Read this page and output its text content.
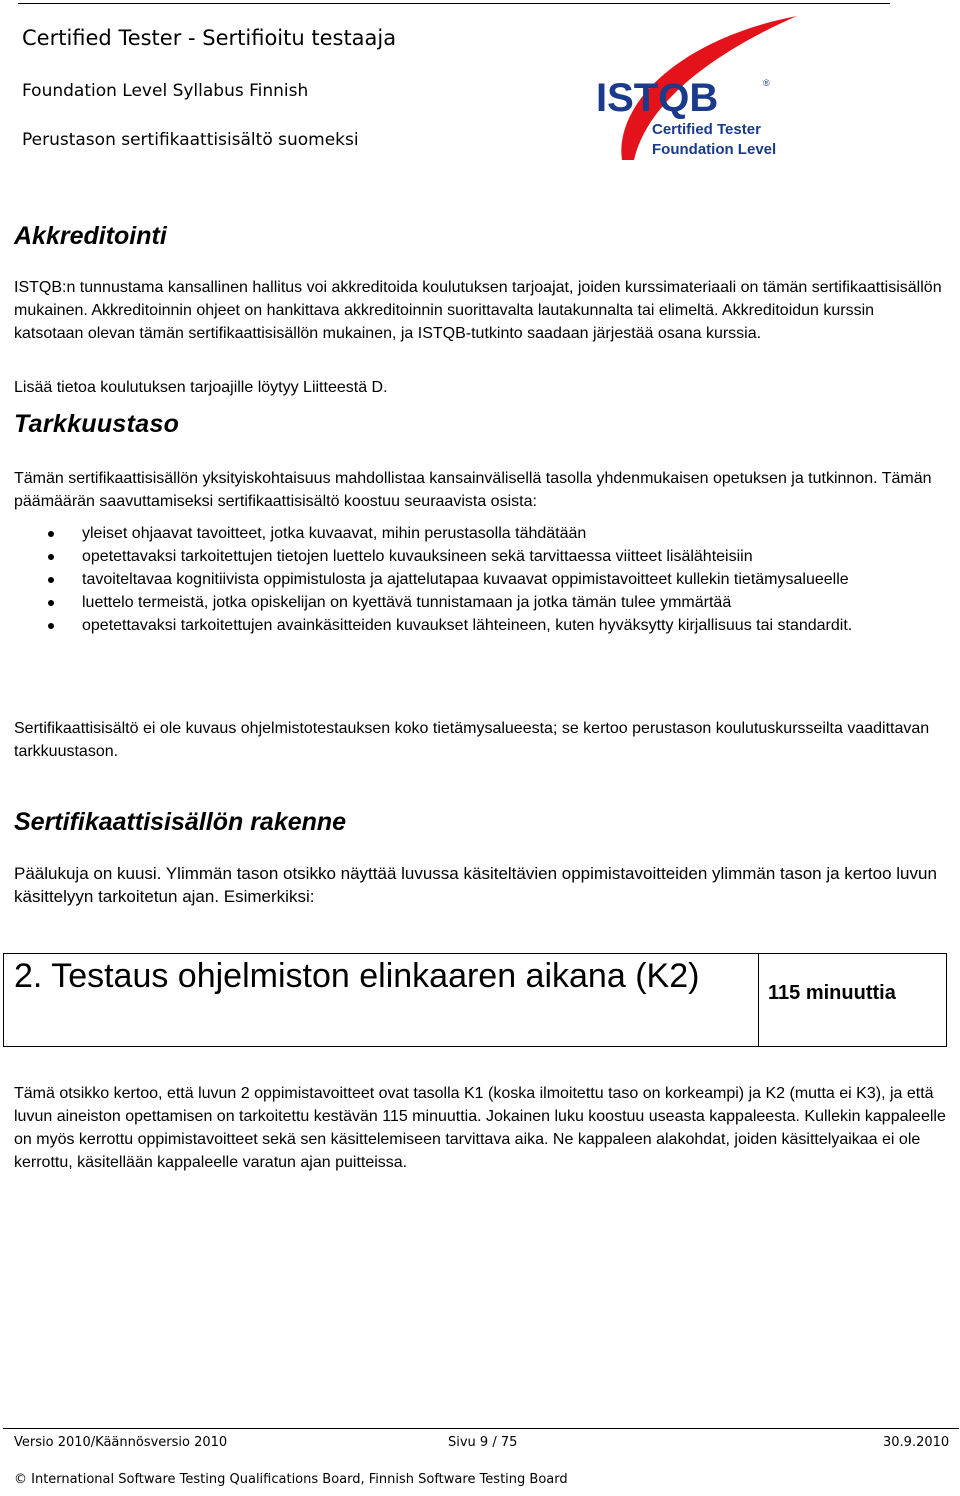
Certified Tester - Sertifioitu testaaja
Foundation Level Syllabus Finnish
Perustason sertifikaattisisältö suomeksi
ISTQB	®
Certified Tester
Foundation Level
Akkreditointi

ISTQB:n tunnustama kansallinen hallitus voi akkreditoida koulutuksen tarjoajat, joiden kurssimateriaali on tämän sertifikaattisisällön mukainen. Akkreditoinnin ohjeet on hankittava akkreditoinnin suorittavalta lautakunnalta tai elimeltä. Akkreditoidun kurssin katsotaan olevan tämän sertifikaattisisällön mukainen, ja ISTQB-tutkinto saadaan järjestää osana kurssia.

Lisää tietoa koulutuksen tarjoajille löytyy Liitteestä D.

Tarkkuustaso

Tämän sertifikaattisisällön yksityiskohtaisuus mahdollistaa kansainvälisellä tasolla yhdenmukaisen opetuksen ja tutkinnon. Tämän päämäärän saavuttamiseksi sertifikaattisisältö koostuu seuraavista osista:

yleiset ohjaavat tavoitteet, jotka kuvaavat, mihin perustasolla tähdätään
opetettavaksi tarkoitettujen tietojen luettelo kuvauksineen sekä tarvittaessa viitteet lisälähteisiin
tavoiteltavaa kognitiivista oppimistulosta ja ajattelutapaa kuvaavat oppimistavoitteet kullekin tietämysalueelle
luettelo termeistä, jotka opiskelijan on kyettävä tunnistamaan ja jotka tämän tulee ymmärtää
opetettavaksi tarkoitettujen avainkäsitteiden kuvaukset lähteineen, kuten hyväksytty kirjallisuus tai standardit.

Sertifikaattisisältö ei ole kuvaus ohjelmistotestauksen koko tietämysalueesta; se kertoo perustason koulutuskursseilta vaadittavan tarkkuustason.

Sertifikaattisisällön rakenne

Päälukuja on kuusi. Ylimmän tason otsikko näyttää luvussa käsiteltävien oppimistavoitteiden ylimmän tason ja kertoo luvun käsittelyyn tarkoitetun ajan. Esimerkiksi:

2. Testaus ohjelmiston elinkaaren aikana (K2)	115 minuuttia

Tämä otsikko kertoo, että luvun 2 oppimistavoitteet ovat tasolla K1 (koska ilmoitettu taso on korkeampi) ja K2 (mutta ei K3), ja että luvun aineiston opettamisen on tarkoitettu kestävän 115 minuuttia. Jokainen luku koostuu useasta kappaleesta. Kullekin kappaleelle on myös kerrottu oppimistavoitteet sekä sen käsittelemiseen tarvittava aika. Ne kappaleen alakohdat, joiden käsittelyaikaa ei ole kerrottu, käsitellään kappaleelle varatun ajan puitteissa.

Versio 2010/Käännösversio 2010	Sivu 9 / 75	30.9.2010
© International Software Testing Qualifications Board, Finnish Software Testing Board
